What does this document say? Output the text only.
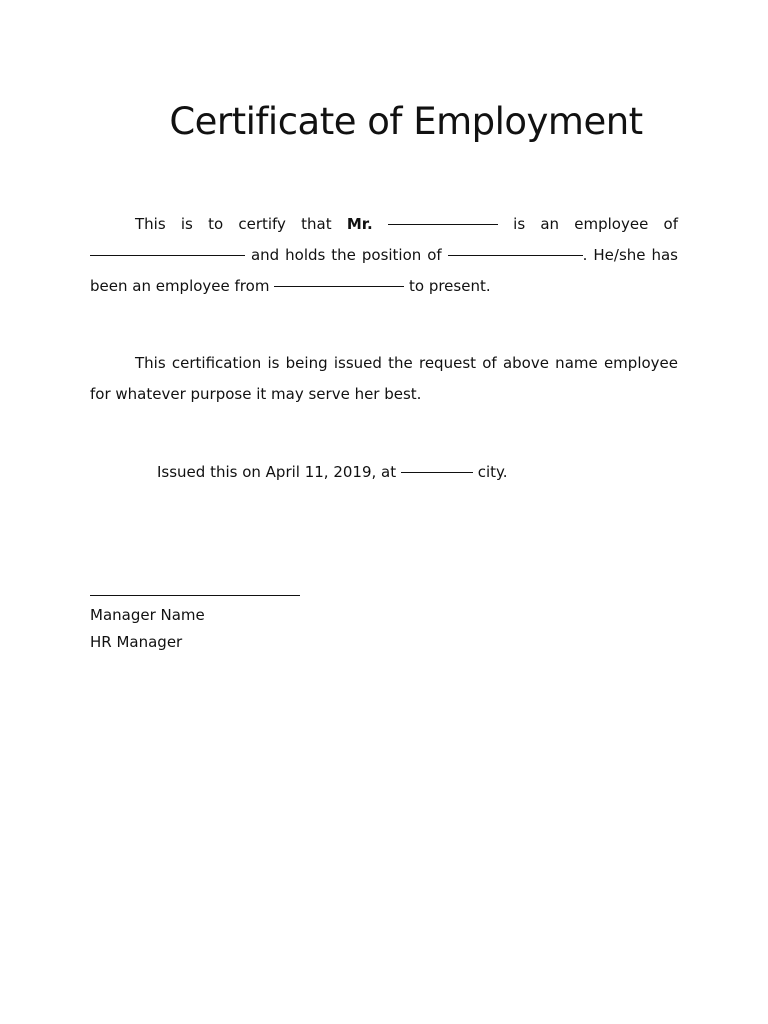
Certificate of Employment

This is to certify that Mr.	is an employee of  and holds the position of	. He/she has been an employee from	to present.

This certification is being issued the request of above name employee for whatever purpose it may serve her best.

Issued this on April 11, 2019, at	city.

Manager Name

HR Manager
